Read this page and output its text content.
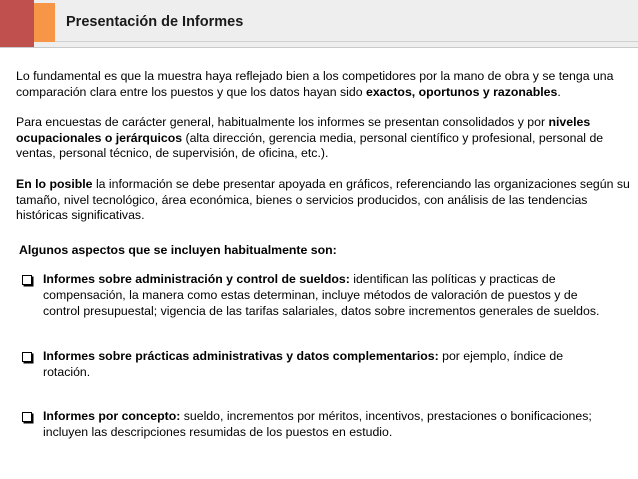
Presentación de Informes

Lo fundamental es que la muestra haya reflejado bien a los competidores por la mano de obra y se tenga una comparación clara entre los puestos y que los datos hayan sido exactos, oportunos y razonables.

Para encuestas de carácter general, habitualmente los informes se presentan consolidados y por niveles ocupacionales o jerárquicos (alta dirección, gerencia media, personal científico y profesional, personal de ventas, personal técnico, de supervisión, de oficina, etc.).

En lo posible la información se debe presentar apoyada en gráficos, referenciando las organizaciones según su tamaño, nivel tecnológico, área económica, bienes o servicios producidos, con análisis de las tendencias históricas significativas.

Algunos aspectos que se incluyen habitualmente son:
Informes sobre administración y control de sueldos: identifican las políticas y practicas de compensación, la manera como estas determinan, incluye métodos de valoración de puestos y de control presupuestal; vigencia de las tarifas salariales, datos sobre incrementos generales de sueldos.
Informes sobre prácticas administrativas y datos complementarios: por ejemplo, índice de rotación.
Informes por concepto: sueldo, incrementos por méritos, incentivos, prestaciones o bonificaciones; incluyen las descripciones resumidas de los puestos en estudio.
